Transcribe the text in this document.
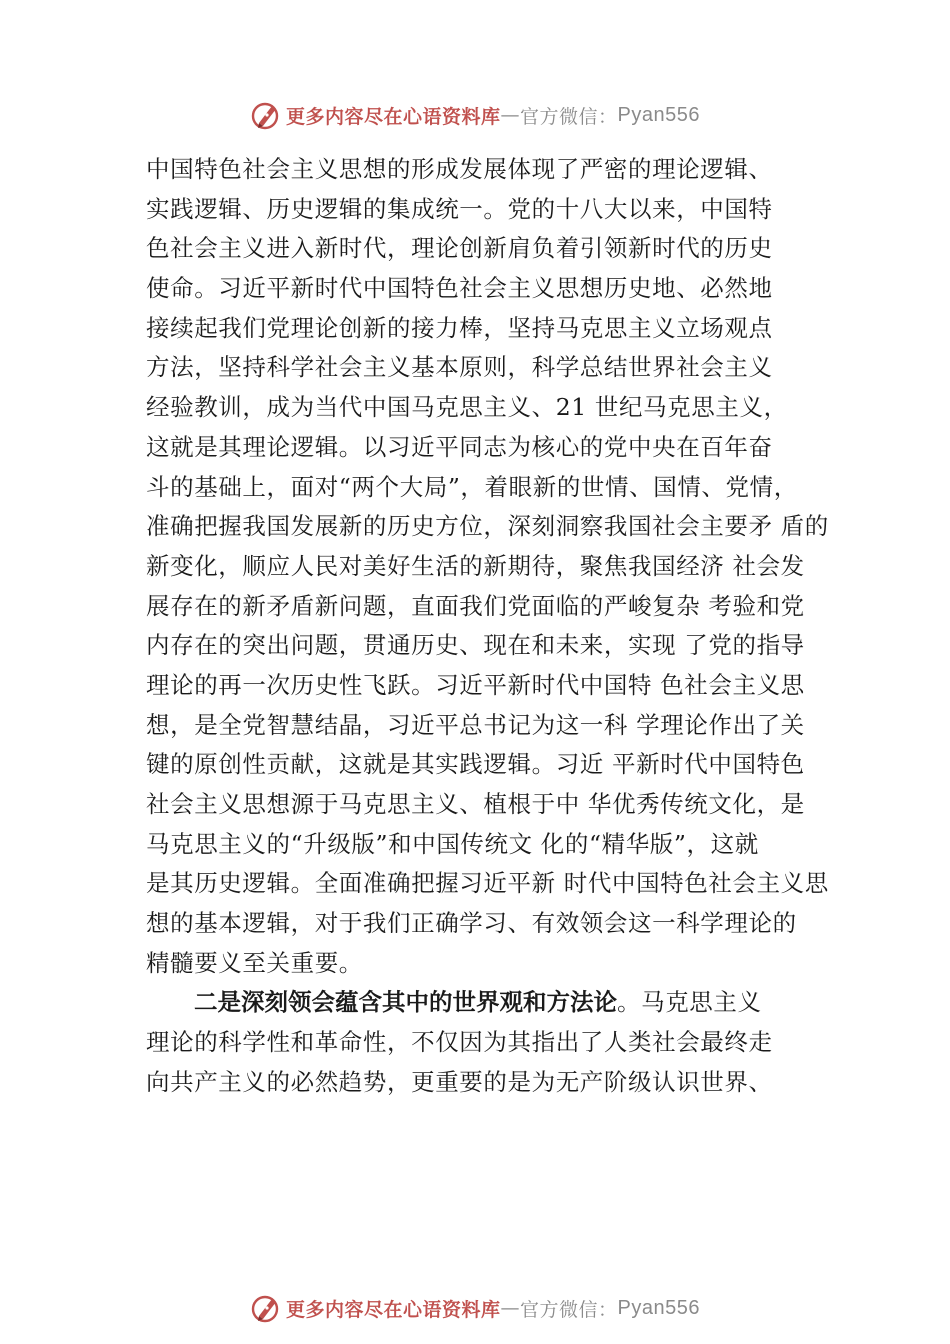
更多内容尽在心语资料库 — 官方微信： Pyan556
中国特色社会主义思想的形成发展体现了严密的理论逻辑、
实践逻辑、历史逻辑的集成统一。党的十八大以来，中国特
色社会主义进入新时代，理论创新肩负着引领新时代的历史
使命。习近平新时代中国特色社会主义思想历史地、必然地
接续起我们党理论创新的接力棒，坚持马克思主义立场观点
方法，坚持科学社会主义基本原则，科学总结世界社会主义
经验教训，成为当代中国马克思主义、21 世纪马克思主义，
这就是其理论逻辑。以习近平同志为核心的党中央在百年奋
斗的基础上，面对“两个大局”，着眼新的世情、国情、党情，
准确把握我国发展新的历史方位，深刻洞察我国社会主要矛 盾的
新变化，顺应人民对美好生活的新期待，聚焦我国经济 社会发
展存在的新矛盾新问题，直面我们党面临的严峻复杂 考验和党
内存在的突出问题，贯通历史、现在和未来，实现 了党的指导
理论的再一次历史性飞跃。习近平新时代中国特 色社会主义思
想，是全党智慧结晶，习近平总书记为这一科 学理论作出了关
键的原创性贡献，这就是其实践逻辑。习近 平新时代中国特色
社会主义思想源于马克思主义、植根于中 华优秀传统文化，是
马克思主义的“升级版”和中国传统文 化的“精华版”，这就
是其历史逻辑。全面准确把握习近平新 时代中国特色社会主义思
想的基本逻辑，对于我们正确学习、有效领会这一科学理论的
精髓要义至关重要。
二是深刻领会蕴含其中的世界观和方法论。马克思主义
理论的科学性和革命性，不仅因为其指出了人类社会最终走
向共产主义的必然趋势，更重要的是为无产阶级认识世界、
更多内容尽在心语资料库 — 官方微信： Pyan556
